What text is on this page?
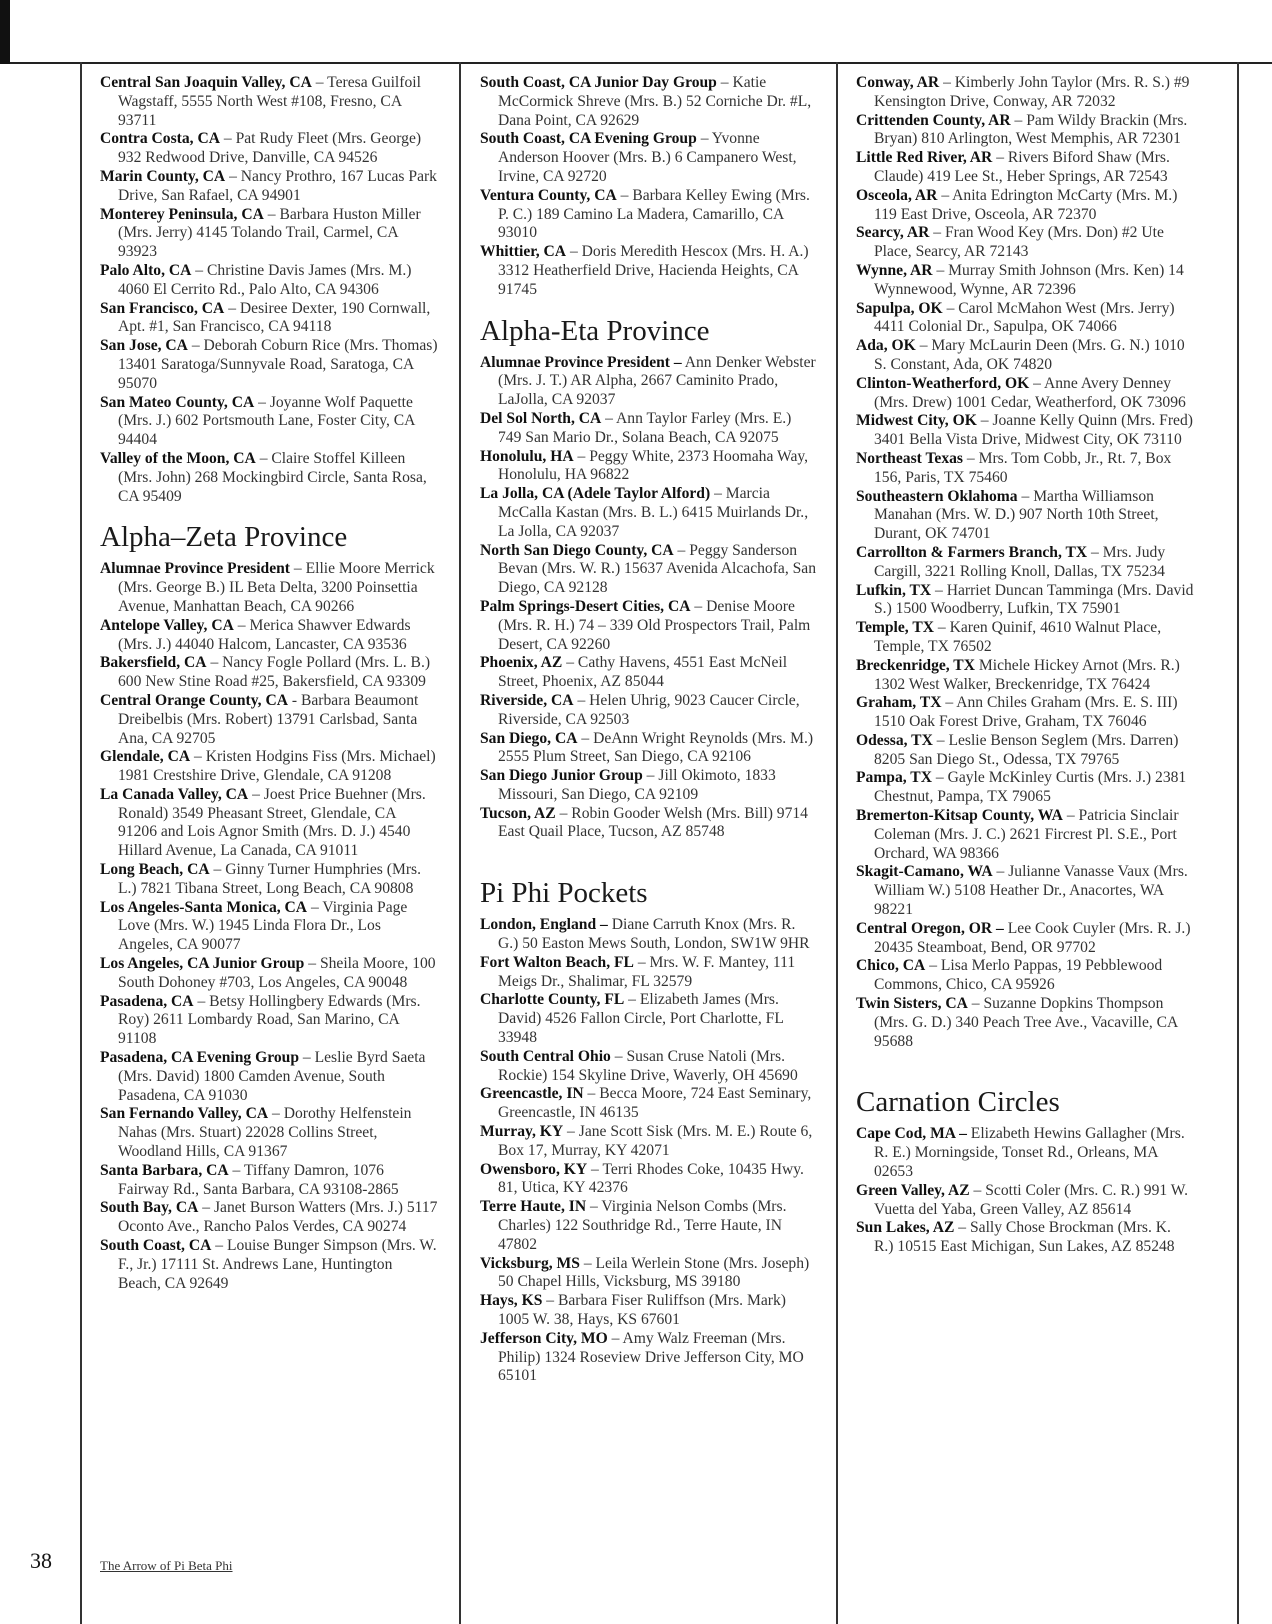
Central San Joaquin Valley, CA – Teresa Guilfoil Wagstaff, 5555 North West #108, Fresno, CA 93711
Contra Costa, CA – Pat Rudy Fleet (Mrs. George) 932 Redwood Drive, Danville, CA 94526
Marin County, CA – Nancy Prothro, 167 Lucas Park Drive, San Rafael, CA 94901
Monterey Peninsula, CA – Barbara Huston Miller (Mrs. Jerry) 4145 Tolando Trail, Carmel, CA 93923
Palo Alto, CA – Christine Davis James (Mrs. M.) 4060 El Cerrito Rd., Palo Alto, CA 94306
San Francisco, CA – Desiree Dexter, 190 Cornwall, Apt. #1, San Francisco, CA 94118
San Jose, CA – Deborah Coburn Rice (Mrs. Thomas) 13401 Saratoga/Sunnyvale Road, Saratoga, CA 95070
San Mateo County, CA – Joyanne Wolf Paquette (Mrs. J.) 602 Portsmouth Lane, Foster City, CA 94404
Valley of the Moon, CA – Claire Stoffel Killeen (Mrs. John) 268 Mockingbird Circle, Santa Rosa, CA 95409
Alpha–Zeta Province
Alumnae Province President – Ellie Moore Merrick (Mrs. George B.) IL Beta Delta, 3200 Poinsettia Avenue, Manhattan Beach, CA 90266
Antelope Valley, CA – Merica Shawver Edwards (Mrs. J.) 44040 Halcom, Lancaster, CA 93536
Bakersfield, CA – Nancy Fogle Pollard (Mrs. L. B.) 600 New Stine Road #25, Bakersfield, CA 93309
Central Orange County, CA - Barbara Beaumont Dreibelbis (Mrs. Robert) 13791 Carlsbad, Santa Ana, CA 92705
Glendale, CA – Kristen Hodgins Fiss (Mrs. Michael) 1981 Crestshire Drive, Glendale, CA 91208
La Canada Valley, CA – Joest Price Buehner (Mrs. Ronald) 3549 Pheasant Street, Glendale, CA 91206 and Lois Agnor Smith (Mrs. D. J.) 4540 Hillard Avenue, La Canada, CA 91011
Long Beach, CA – Ginny Turner Humphries (Mrs. L.) 7821 Tibana Street, Long Beach, CA 90808
Los Angeles-Santa Monica, CA – Virginia Page Love (Mrs. W.) 1945 Linda Flora Dr., Los Angeles, CA 90077
Los Angeles, CA Junior Group – Sheila Moore, 100 South Dohoney #703, Los Angeles, CA 90048
Pasadena, CA – Betsy Hollingbery Edwards (Mrs. Roy) 2611 Lombardy Road, San Marino, CA 91108
Pasadena, CA Evening Group – Leslie Byrd Saeta (Mrs. David) 1800 Camden Avenue, South Pasadena, CA 91030
San Fernando Valley, CA – Dorothy Helfenstein Nahas (Mrs. Stuart) 22028 Collins Street, Woodland Hills, CA 91367
Santa Barbara, CA – Tiffany Damron, 1076 Fairway Rd., Santa Barbara, CA 93108-2865
South Bay, CA – Janet Burson Watters (Mrs. J.) 5117 Oconto Ave., Rancho Palos Verdes, CA 90274
South Coast, CA – Louise Bunger Simpson (Mrs. W. F., Jr.) 17111 St. Andrews Lane, Huntington Beach, CA 92649
South Coast, CA Junior Day Group – Katie McCormick Shreve (Mrs. B.) 52 Corniche Dr. #L, Dana Point, CA 92629
South Coast, CA Evening Group – Yvonne Anderson Hoover (Mrs. B.) 6 Campanero West, Irvine, CA 92720
Ventura County, CA – Barbara Kelley Ewing (Mrs. P. C.) 189 Camino La Madera, Camarillo, CA 93010
Whittier, CA – Doris Meredith Hescox (Mrs. H. A.) 3312 Heatherfield Drive, Hacienda Heights, CA 91745
Alpha-Eta Province
Alumnae Province President – Ann Denker Webster (Mrs. J. T.) AR Alpha, 2667 Caminito Prado, LaJolla, CA 92037
Del Sol North, CA – Ann Taylor Farley (Mrs. E.) 749 San Mario Dr., Solana Beach, CA 92075
Honolulu, HA – Peggy White, 2373 Hoomaha Way, Honolulu, HA 96822
La Jolla, CA (Adele Taylor Alford) – Marcia McCalla Kastan (Mrs. B. L.) 6415 Muirlands Dr., La Jolla, CA 92037
North San Diego County, CA – Peggy Sanderson Bevan (Mrs. W. R.) 15637 Avenida Alcachofa, San Diego, CA 92128
Palm Springs-Desert Cities, CA – Denise Moore (Mrs. R. H.) 74 – 339 Old Prospectors Trail, Palm Desert, CA 92260
Phoenix, AZ – Cathy Havens, 4551 East McNeil Street, Phoenix, AZ 85044
Riverside, CA – Helen Uhrig, 9023 Caucer Circle, Riverside, CA 92503
San Diego, CA – DeAnn Wright Reynolds (Mrs. M.) 2555 Plum Street, San Diego, CA 92106
San Diego Junior Group – Jill Okimoto, 1833 Missouri, San Diego, CA 92109
Tucson, AZ – Robin Gooder Welsh (Mrs. Bill) 9714 East Quail Place, Tucson, AZ 85748
Pi Phi Pockets
London, England – Diane Carruth Knox (Mrs. R. G.) 50 Easton Mews South, London, SW1W 9HR
Fort Walton Beach, FL – Mrs. W. F. Mantey, 111 Meigs Dr., Shalimar, FL 32579
Charlotte County, FL – Elizabeth James (Mrs. David) 4526 Fallon Circle, Port Charlotte, FL 33948
South Central Ohio – Susan Cruse Natoli (Mrs. Rockie) 154 Skyline Drive, Waverly, OH 45690
Greencastle, IN – Becca Moore, 724 East Seminary, Greencastle, IN 46135
Murray, KY – Jane Scott Sisk (Mrs. M. E.) Route 6, Box 17, Murray, KY 42071
Owensboro, KY – Terri Rhodes Coke, 10435 Hwy. 81, Utica, KY 42376
Terre Haute, IN – Virginia Nelson Combs (Mrs. Charles) 122 Southridge Rd., Terre Haute, IN 47802
Vicksburg, MS – Leila Werlein Stone (Mrs. Joseph) 50 Chapel Hills, Vicksburg, MS 39180
Hays, KS – Barbara Fiser Ruliffson (Mrs. Mark) 1005 W. 38, Hays, KS 67601
Jefferson City, MO – Amy Walz Freeman (Mrs. Philip) 1324 Roseview Drive Jefferson City, MO 65101
Conway, AR – Kimberly John Taylor (Mrs. R. S.) #9 Kensington Drive, Conway, AR 72032
Crittenden County, AR – Pam Wildy Brackin (Mrs. Bryan) 810 Arlington, West Memphis, AR 72301
Little Red River, AR – Rivers Biford Shaw (Mrs. Claude) 419 Lee St., Heber Springs, AR 72543
Osceola, AR – Anita Edrington McCarty (Mrs. M.) 119 East Drive, Osceola, AR 72370
Searcy, AR – Fran Wood Key (Mrs. Don) #2 Ute Place, Searcy, AR 72143
Wynne, AR – Murray Smith Johnson (Mrs. Ken) 14 Wynnewood, Wynne, AR 72396
Sapulpa, OK – Carol McMahon West (Mrs. Jerry) 4411 Colonial Dr., Sapulpa, OK 74066
Ada, OK – Mary McLaurin Deen (Mrs. G. N.) 1010 S. Constant, Ada, OK 74820
Clinton-Weatherford, OK – Anne Avery Denney (Mrs. Drew) 1001 Cedar, Weatherford, OK 73096
Midwest City, OK – Joanne Kelly Quinn (Mrs. Fred) 3401 Bella Vista Drive, Midwest City, OK 73110
Northeast Texas – Mrs. Tom Cobb, Jr., Rt. 7, Box 156, Paris, TX 75460
Southeastern Oklahoma – Martha Williamson Manahan (Mrs. W. D.) 907 North 10th Street, Durant, OK 74701
Carrollton & Farmers Branch, TX – Mrs. Judy Cargill, 3221 Rolling Knoll, Dallas, TX 75234
Lufkin, TX – Harriet Duncan Tamminga (Mrs. David S.) 1500 Woodberry, Lufkin, TX 75901
Temple, TX – Karen Quinif, 4610 Walnut Place, Temple, TX 76502
Breckenridge, TX Michele Hickey Arnot (Mrs. R.) 1302 West Walker, Breckenridge, TX 76424
Graham, TX – Ann Chiles Graham (Mrs. E. S. III) 1510 Oak Forest Drive, Graham, TX 76046
Odessa, TX – Leslie Benson Seglem (Mrs. Darren) 8205 San Diego St., Odessa, TX 79765
Pampa, TX – Gayle McKinley Curtis (Mrs. J.) 2381 Chestnut, Pampa, TX 79065
Bremerton-Kitsap County, WA – Patricia Sinclair Coleman (Mrs. J. C.) 2621 Fircrest Pl. S.E., Port Orchard, WA 98366
Skagit-Camano, WA – Julianne Vanasse Vaux (Mrs. William W.) 5108 Heather Dr., Anacortes, WA 98221
Central Oregon, OR – Lee Cook Cuyler (Mrs. R. J.) 20435 Steamboat, Bend, OR 97702
Chico, CA – Lisa Merlo Pappas, 19 Pebblewood Commons, Chico, CA 95926
Twin Sisters, CA – Suzanne Dopkins Thompson (Mrs. G. D.) 340 Peach Tree Ave., Vacaville, CA 95688
Carnation Circles
Cape Cod, MA – Elizabeth Hewins Gallagher (Mrs. R. E.) Morningside, Tonset Rd., Orleans, MA 02653
Green Valley, AZ – Scotti Coler (Mrs. C. R.) 991 W. Vuetta del Yaba, Green Valley, AZ 85614
Sun Lakes, AZ – Sally Chose Brockman (Mrs. K. R.) 10515 East Michigan, Sun Lakes, AZ 85248
38	The Arrow of Pi Beta Phi
